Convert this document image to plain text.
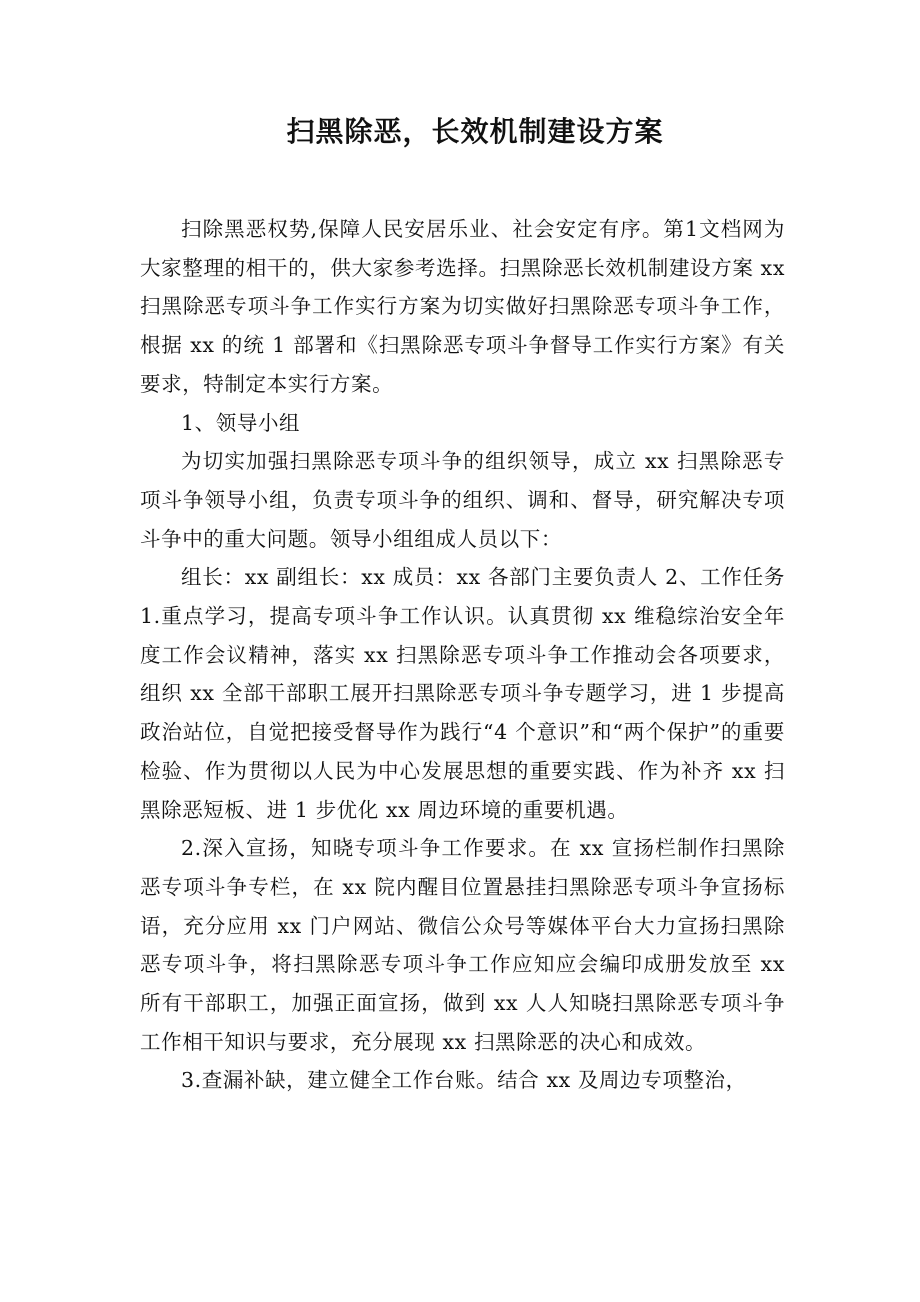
扫黑除恶，长效机制建设方案

扫除黑恶权势,保障人民安居乐业、社会安定有序。第1文档网为大家整理的相干的，供大家参考选择。扫黑除恶长效机制建设方案 xx 扫黑除恶专项斗争工作实行方案为切实做好扫黑除恶专项斗争工作，根据 xx 的统 1 部署和《扫黑除恶专项斗争督导工作实行方案》有关要求，特制定本实行方案。

1、领导小组

为切实加强扫黑除恶专项斗争的组织领导，成立 xx 扫黑除恶专项斗争领导小组，负责专项斗争的组织、调和、督导，研究解决专项斗争中的重大问题。领导小组组成人员以下：

组长：xx 副组长：xx 成员：xx 各部门主要负责人 2、工作任务 1.重点学习，提高专项斗争工作认识。认真贯彻 xx 维稳综治安全年度工作会议精神，落实 xx 扫黑除恶专项斗争工作推动会各项要求，组织 xx 全部干部职工展开扫黑除恶专项斗争专题学习，进 1 步提高政治站位，自觉把接受督导作为践行“4 个意识”和“两个保护”的重要检验、作为贯彻以人民为中心发展思想的重要实践、作为补齐 xx 扫黑除恶短板、进 1 步优化 xx 周边环境的重要机遇。

2.深入宣扬，知晓专项斗争工作要求。在 xx 宣扬栏制作扫黑除恶专项斗争专栏，在 xx 院内醒目位置悬挂扫黑除恶专项斗争宣扬标语，充分应用 xx 门户网站、微信公众号等媒体平台大力宣扬扫黑除恶专项斗争，将扫黑除恶专项斗争工作应知应会编印成册发放至 xx 所有干部职工，加强正面宣扬，做到 xx 人人知晓扫黑除恶专项斗争工作相干知识与要求，充分展现 xx 扫黑除恶的决心和成效。

3.查漏补缺，建立健全工作台账。结合 xx 及周边专项整治，
